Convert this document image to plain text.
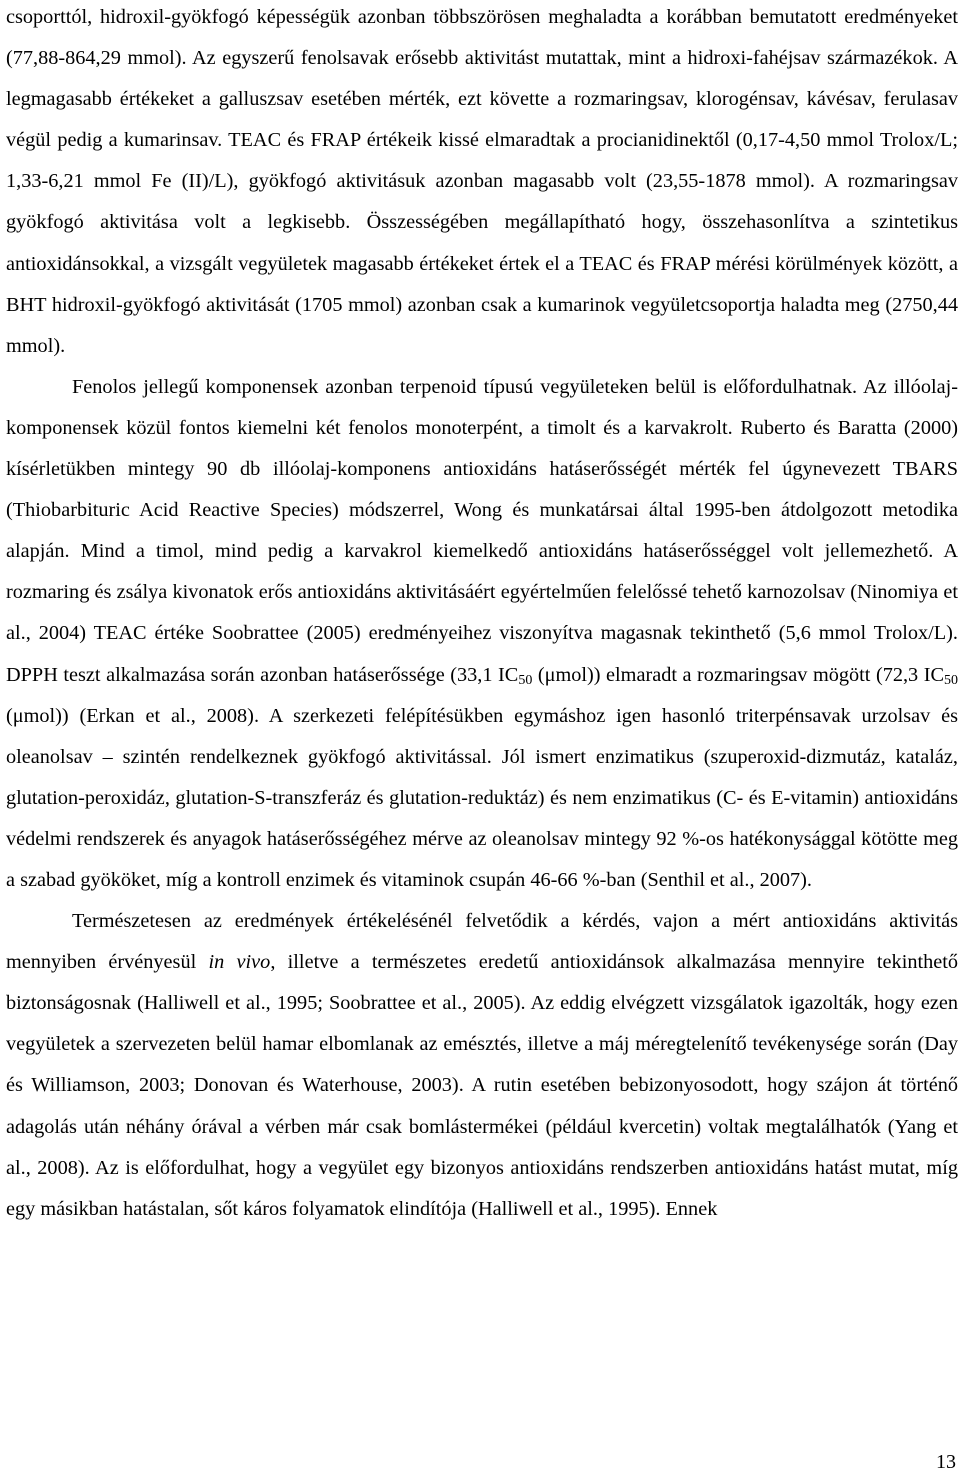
csoporttól, hidroxil-gyökfogó képességük azonban többszörösen meghaladta a korábban bemutatott eredményeket (77,88-864,29 mmol). Az egyszerű fenolsavak erősebb aktivitást mutattak, mint a hidroxi-fahéjsav származékok. A legmagasabb értékeket a galluszsav esetében mérték, ezt követte a rozmaringsav, klorogénsav, kávésav, ferulasav végül pedig a kumarinsav. TEAC és FRAP értékeik kissé elmaradtak a procianidinektől (0,17-4,50 mmol Trolox/L; 1,33-6,21 mmol Fe (II)/L), gyökfogó aktivitásuk azonban magasabb volt (23,55-1878 mmol). A rozmaringsav gyökfogó aktivitása volt a legkisebb. Összességében megállapítható hogy, összehasonlítva a szintetikus antioxidánsokkal, a vizsgált vegyületek magasabb értékeket értek el a TEAC és FRAP mérési körülmények között, a BHT hidroxil-gyökfogó aktivitását (1705 mmol) azonban csak a kumarinok vegyületcsoportja haladta meg (2750,44 mmol).

Fenolos jellegű komponensek azonban terpenoid típusú vegyületeken belül is előfordulhatnak. Az illóolaj-komponensek közül fontos kiemelni két fenolos monoterpént, a timolt és a karvakrolt. Ruberto és Baratta (2000) kísérletükben mintegy 90 db illóolaj-komponens antioxidáns hatáserősségét mérték fel úgynevezett TBARS (Thiobarbituric Acid Reactive Species) módszerrel, Wong és munkatársai által 1995-ben átdolgozott metodika alapján. Mind a timol, mind pedig a karvakrol kiemelkedő antioxidáns hatáserősséggel volt jellemezhető. A rozmaring és zsálya kivonatok erős antioxidáns aktivitásáért egyértelműen felelőssé tehető karnozolsav (Ninomiya et al., 2004) TEAC értéke Soobrattee (2005) eredményeihez viszonyítva magasnak tekinthető (5,6 mmol Trolox/L). DPPH teszt alkalmazása során azonban hatáserőssége (33,1 $IC_{50}$ (μmol)) elmaradt a rozmaringsav mögött (72,3 $IC_{50}$ (μmol)) (Erkan et al., 2008). A szerkezeti felépítésükben egymáshoz igen hasonló triterpénsavak urzolsav és oleanolsav – szintén rendelkeznek gyökfogó aktivitással. Jól ismert enzimatikus (szuperoxid-dizmutáz, kataláz, glutation-peroxidáz, glutation-S-transzferáz és glutation-reduktáz) és nem enzimatikus (C- és E-vitamin) antioxidáns védelmi rendszerek és anyagok hatáserősségéhez mérve az oleanolsav mintegy 92 %-os hatékonysággal kötötte meg a szabad gyököket, míg a kontroll enzimek és vitaminok csupán 46-66 %-ban (Senthil et al., 2007).

Természetesen az eredmények értékelésénél felvetődik a kérdés, vajon a mért antioxidáns aktivitás mennyiben érvényesül in vivo, illetve a természetes eredetű antioxidánsok alkalmazása mennyire tekinthető biztonságosnak (Halliwell et al., 1995; Soobrattee et al., 2005). Az eddig elvégzett vizsgálatok igazolták, hogy ezen vegyületek a szervezeten belül hamar elbomlanak az emésztés, illetve a máj méregtelenítő tevékenysége során (Day és Williamson, 2003; Donovan és Waterhouse, 2003). A rutin esetében bebizonyosodott, hogy szájon át történő adagolás után néhány órával a vérben már csak bomlástermékei (például kvercetin) voltak megtalálhatók (Yang et al., 2008). Az is előfordulhat, hogy a vegyület egy bizonyos antioxidáns rendszerben antioxidáns hatást mutat, míg egy másikban hatástalan, sőt káros folyamatok elindítója (Halliwell et al., 1995). Ennek

13
